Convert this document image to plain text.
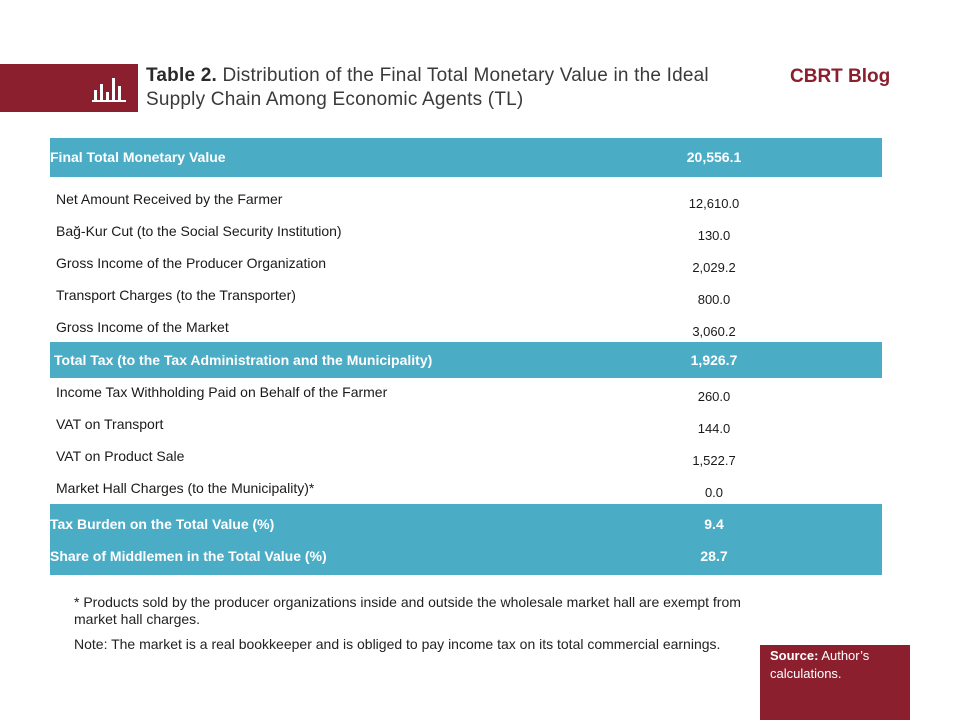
Table 2. Distribution of the Final Total Monetary Value in the Ideal Supply Chain Among Economic Agents (TL)
CBRT Blog
Final Total Monetary Value	20,556.1
Net Amount Received by the Farmer	12,610.0
Bağ-Kur Cut (to the Social Security Institution)	130.0
Gross Income of the Producer Organization	2,029.2
Transport Charges (to the Transporter)	800.0
Gross Income of the Market	3,060.2
Total Tax (to the Tax Administration and the Municipality)	1,926.7
Income Tax Withholding Paid on Behalf of the Farmer	260.0
VAT on Transport	144.0
VAT on Product Sale	1,522.7
Market Hall Charges (to the Municipality)*	0.0
Tax Burden on the Total Value (%)	9.4
Share of Middlemen in the Total Value (%)	28.7

* Products sold by the producer organizations inside and outside the wholesale market hall are exempt from market hall charges.

Note: The market is a real bookkeeper and is obliged to pay income tax on its total commercial earnings.

Source: Author’s calculations.
